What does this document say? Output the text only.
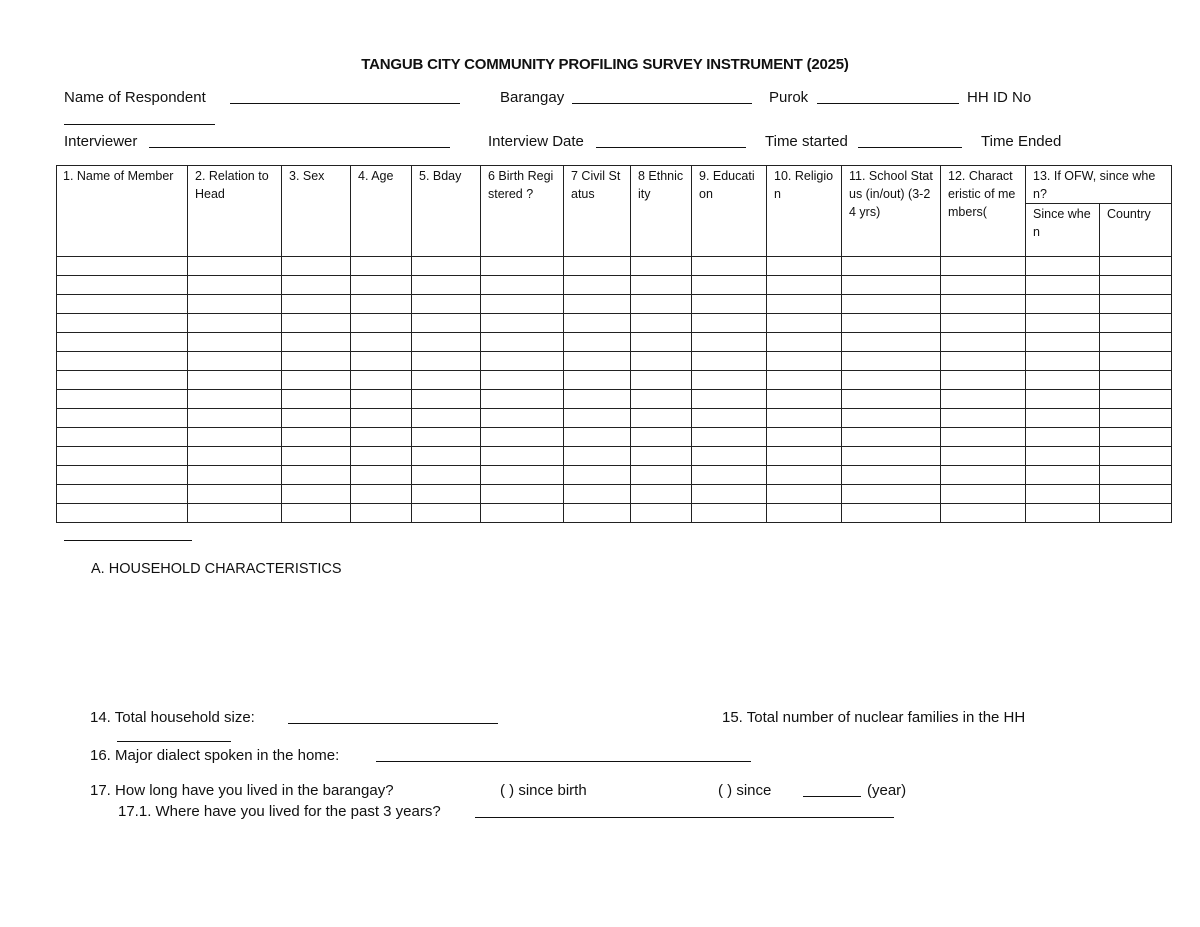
TANGUB CITY COMMUNITY PROFILING SURVEY INSTRUMENT (2025)
Name of Respondent	Barangay	Purok	HH ID No
Interviewer	Interview Date	Time started	Time Ended
1. Name of Member	2. Relation to Head	3. Sex	4. Age	5. Bday	6 Birth Registered ?	7 Civil Status	8 Ethnicity	9. Education	10. Religion	11. School Status (in/out) (3-24 yrs)	12. Characteristic of members(	13. If OFW, since when?	
												Since when	Country

A. HOUSEHOLD CHARACTERISTICS
14. Total household size:	15. Total number of nuclear families in the HH
16. Major dialect spoken in the home:
17. How long have you lived in the barangay?	( ) since birth	( ) since	(year)
17.1. Where have you lived for the past 3 years?
